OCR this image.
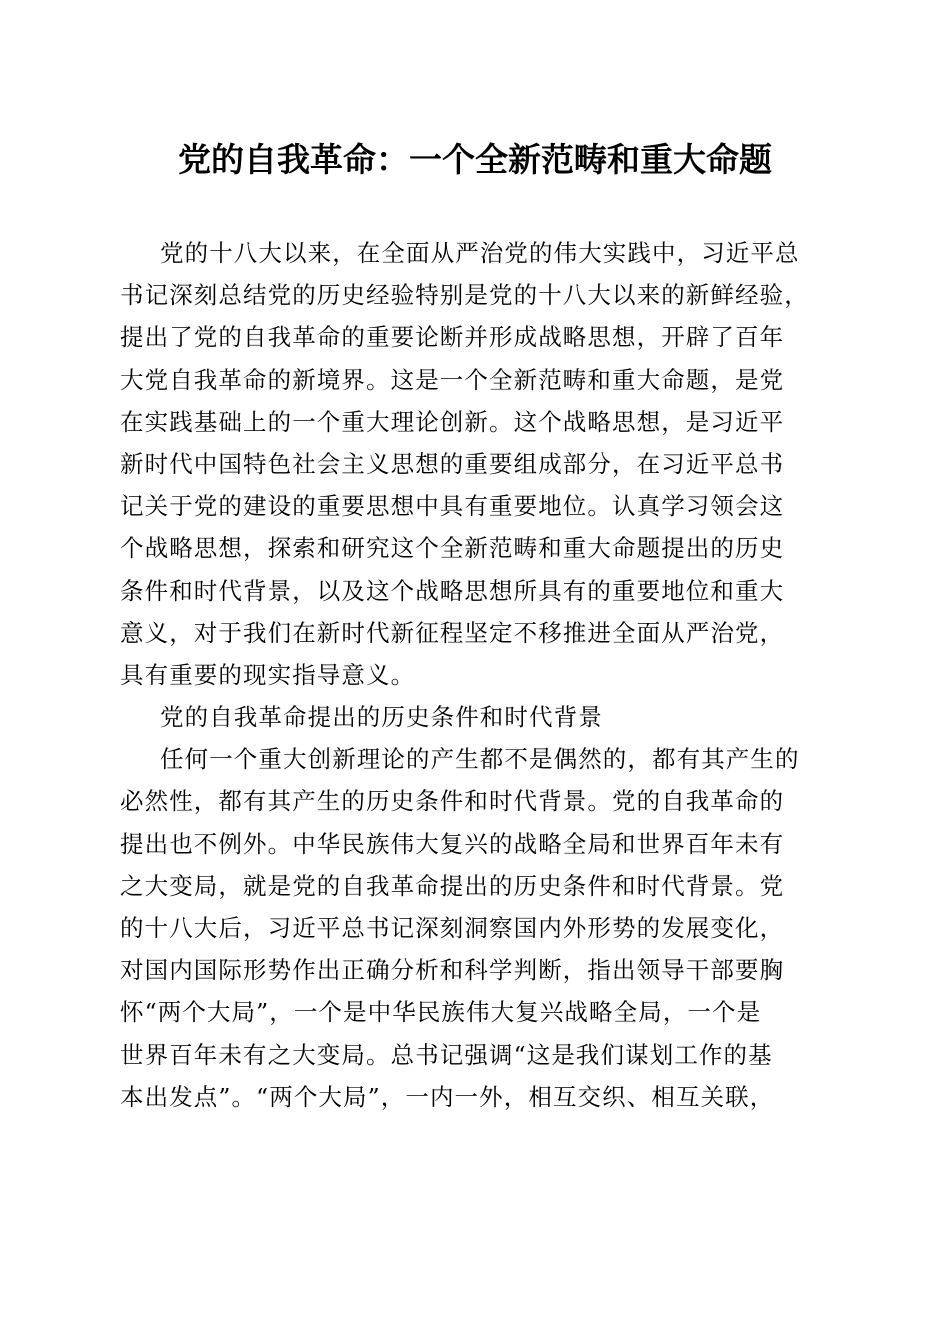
党的自我革命：一个全新范畴和重大命题
党的十八大以来，在全面从严治党的伟大实践中，习近平总
书记深刻总结党的历史经验特别是党的十八大以来的新鲜经验，
提出了党的自我革命的重要论断并形成战略思想，开辟了百年
大党自我革命的新境界。这是一个全新范畴和重大命题，是党
在实践基础上的一个重大理论创新。这个战略思想，是习近平
新时代中国特色社会主义思想的重要组成部分，在习近平总书
记关于党的建设的重要思想中具有重要地位。认真学习领会这
个战略思想，探索和研究这个全新范畴和重大命题提出的历史
条件和时代背景，以及这个战略思想所具有的重要地位和重大
意义，对于我们在新时代新征程坚定不移推进全面从严治党，
具有重要的现实指导意义。
党的自我革命提出的历史条件和时代背景
任何一个重大创新理论的产生都不是偶然的，都有其产生的
必然性，都有其产生的历史条件和时代背景。党的自我革命的
提出也不例外。中华民族伟大复兴的战略全局和世界百年未有
之大变局，就是党的自我革命提出的历史条件和时代背景。党
的十八大后，习近平总书记深刻洞察国内外形势的发展变化，
对国内国际形势作出正确分析和科学判断，指出领导干部要胸
怀“两个大局”，一个是中华民族伟大复兴战略全局，一个是
世界百年未有之大变局。总书记强调“这是我们谋划工作的基
本出发点”。“两个大局”，一内一外，相互交织、相互关联，
